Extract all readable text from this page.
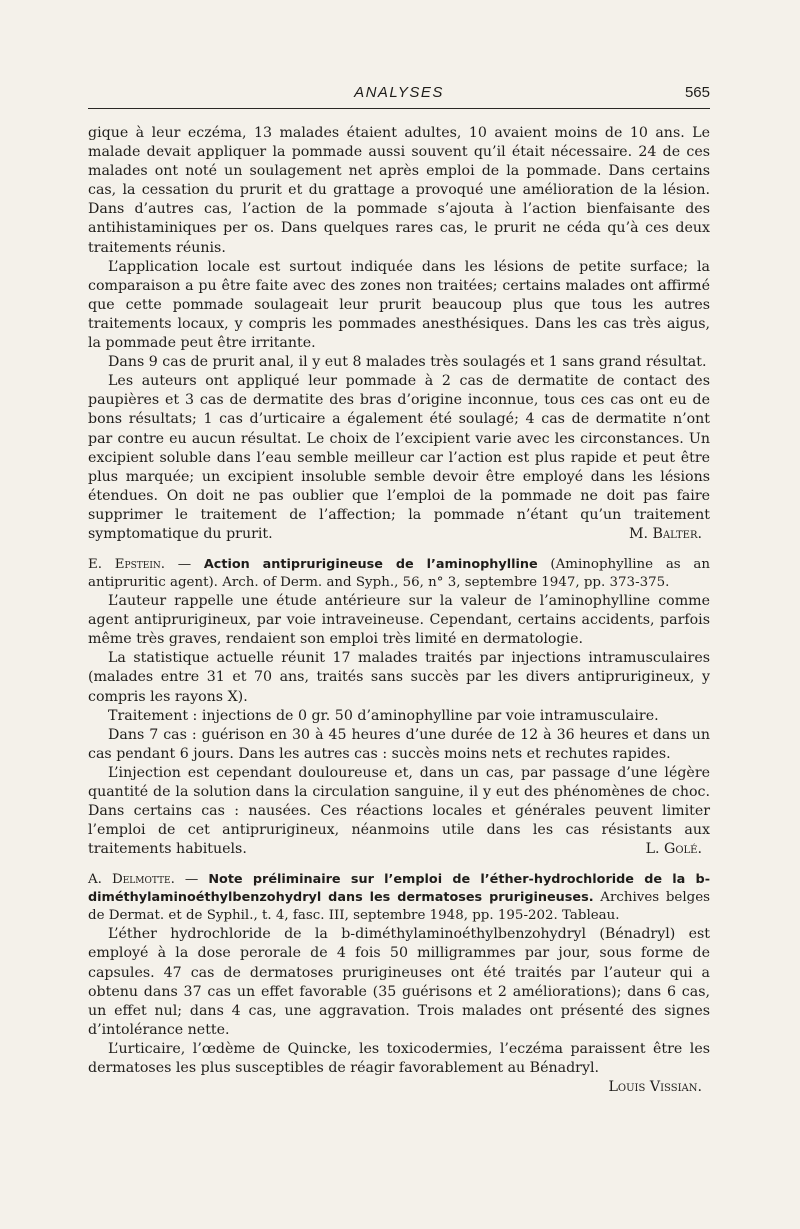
ANALYSES	565

gique à leur eczéma, 13 malades étaient adultes, 10 avaient moins de 10 ans. Le malade devait appliquer la pommade aussi souvent qu’il était nécessaire. 24 de ces malades ont noté un soulagement net après emploi de la pommade. Dans certains cas, la cessation du prurit et du grattage a provoqué une amélioration de la lésion. Dans d’autres cas, l’action de la pommade s’ajouta à l’action bienfaisante des antihistaminiques per os. Dans quelques rares cas, le prurit ne céda qu’à ces deux traitements réunis.

L’application locale est surtout indiquée dans les lésions de petite surface; la comparaison a pu être faite avec des zones non traitées; certains malades ont affirmé que cette pommade soulageait leur prurit beaucoup plus que tous les autres traitements locaux, y compris les pommades anesthésiques. Dans les cas très aigus, la pommade peut être irritante.

Dans 9 cas de prurit anal, il y eut 8 malades très soulagés et 1 sans grand résultat.

Les auteurs ont appliqué leur pommade à 2 cas de dermatite de contact des paupières et 3 cas de dermatite des bras d’origine inconnue, tous ces cas ont eu de bons résultats; 1 cas d’urticaire a également été soulagé; 4 cas de dermatite n’ont par contre eu aucun résultat. Le choix de l’excipient varie avec les circonstances. Un excipient soluble dans l’eau semble meilleur car l’action est plus rapide et peut être plus marquée; un excipient insoluble semble devoir être employé dans les lésions étendues. On doit ne pas oublier que l’emploi de la pommade ne doit pas faire supprimer le traitement de l’affection; la pommade n’étant qu’un traitement symptomatique du prurit.	M. Balter.

E. Epstein. — Action antiprurigineuse de l’aminophylline (Aminophylline as an antipruritic agent). Arch. of Derm. and Syph., 56, n° 3, septembre 1947, pp. 373-375.

L’auteur rappelle une étude antérieure sur la valeur de l’aminophylline comme agent antiprurigineux, par voie intraveineuse. Cependant, certains accidents, parfois même très graves, rendaient son emploi très limité en dermatologie.

La statistique actuelle réunit 17 malades traités par injections intramusculaires (malades entre 31 et 70 ans, traités sans succès par les divers antiprurigineux, y compris les rayons X).

Traitement : injections de 0 gr. 50 d’aminophylline par voie intramusculaire.

Dans 7 cas : guérison en 30 à 45 heures d’une durée de 12 à 36 heures et dans un cas pendant 6 jours. Dans les autres cas : succès moins nets et rechutes rapides.

L’injection est cependant douloureuse et, dans un cas, par passage d’une légère quantité de la solution dans la circulation sanguine, il y eut des phénomènes de choc. Dans certains cas : nausées. Ces réactions locales et générales peuvent limiter l’emploi de cet antiprurigineux, néanmoins utile dans les cas résistants aux traitements habituels.	L. Golé.

A. Delmotte. — Note préliminaire sur l’emploi de l’éther-hydrochloride de la b-diméthylaminoéthylbenzohydryl dans les dermatoses prurigineuses. Archives belges de Dermat. et de Syphil., t. 4, fasc. III, septembre 1948, pp. 195-202. Tableau.

L’éther hydrochloride de la b-diméthylaminoéthylbenzohydryl (Bénadryl) est employé à la dose perorale de 4 fois 50 milligrammes par jour, sous forme de capsules. 47 cas de dermatoses prurigineuses ont été traités par l’auteur qui a obtenu dans 37 cas un effet favorable (35 guérisons et 2 améliorations); dans 6 cas, un effet nul; dans 4 cas, une aggravation. Trois malades ont présenté des signes d’intolérance nette.

L’urticaire, l’œdème de Quincke, les toxicodermies, l’eczéma paraissent être les dermatoses les plus susceptibles de réagir favorablement au Bénadryl.

Louis Vissian.
